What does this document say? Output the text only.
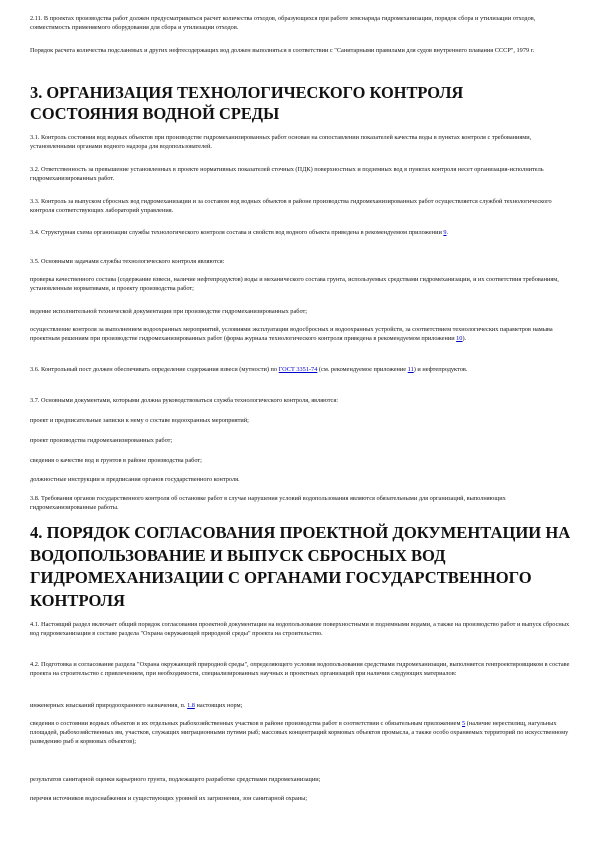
2.11. В проектах производства работ должен предусматриваться расчет количества отходов, образующихся при работе земснаряда гидромеханизации, порядок сбора и утилизации отходов, совместимость применяемого оборудования для сбора и утилизации отходов.

Порядок расчета количества подсланевых и других нефтесодержащих вод должен выполняться в соответствии с "Санитарными правилами для судов внутреннего плавания СССР", 1979 г.

3. ОРГАНИЗАЦИЯ ТЕХНОЛОГИЧЕСКОГО КОНТРОЛЯ СОСТОЯНИЯ ВОДНОЙ СРЕДЫ

3.1. Контроль состояния вод водных объектов при производстве гидромеханизированных работ основан на сопоставлении показателей качества воды в пунктах контроля с требованиями, установленными органами водного надзора для водопользователей.

3.2. Ответственность за превышение установленных в проекте нормативных показателей сточных (ПДК) поверхностных и подземных вод в пунктах контроля несет организация-исполнитель гидромеханизированных работ.

3.3. Контроль за выпуском сбросных вод гидромеханизации и за составом вод водных объектов в районе производства гидромеханизированных работ осуществляется службой технологического контроля соответствующих лабораторий управления.

3.4. Структурная схема организации службы технологического контроля состава и свойств вод водного объекта приведена в рекомендуемом приложении 9.

3.5. Основными задачами службы технологического контроля являются:

проверка качественного состава (содержание взвеси, наличие нефтепродуктов) воды и механического состава грунта, используемых средствами гидромеханизации, и их соответствия требованиям, установленным нормативами, и проекту производства работ;

ведение исполнительной технической документации при производстве гидромеханизированных работ;

осуществление контроля за выполнением водоохранных мероприятий, условиями эксплуатации водосбросных и водоохранных устройств, за соответствием технологических параметров намыва проектным решениям при производстве гидромеханизированных работ (форма журнала технологического контроля приведена в рекомендуемом приложении 10).

3.6. Контрольный пост должен обеспечивать определение содержания взвеси (мутности) по ГОСТ 3351-74 (см. рекомендуемое приложение 11) и нефтепродуктов.

3.7. Основными документами, которыми должна руководствоваться служба технологического контроля, являются:

проект и предписательные записки к нему о составе водоохранных мероприятий;

проект производства гидромеханизированных работ;

сведения о качестве вод и грунтов в районе производства работ;

должностные инструкции и предписания органов государственного контроля.

3.8. Требования органов государственного контроля об остановке работ в случае нарушения условий водопользования являются обязательными для организаций, выполняющих гидромеханизированные работы.

4. ПОРЯДОК СОГЛАСОВАНИЯ ПРОЕКТНОЙ ДОКУМЕНТАЦИИ НА ВОДОПОЛЬЗОВАНИЕ И ВЫПУСК СБРОСНЫХ ВОД ГИДРОМЕХАНИЗАЦИИ С ОРГАНАМИ ГОСУДАРСТВЕННОГО КОНТРОЛЯ

4.1. Настоящий раздел включает общий порядок согласования проектной документации на водопользование поверхностными и подземными водами, а также на производство работ и выпуск сбросных вод гидромеханизации в составе раздела "Охрана окружающей природной среды" проекта на строительство.

4.2. Подготовка и согласование раздела "Охрана окружающей природной среды", определяющего условия водопользования средствами гидромеханизации, выполняется генпроектировщиком в составе проекта на строительство с привлечением, при необходимости, специализированных научных и проектных организаций при наличии следующих материалов:

инженерных изысканий природоохранного назначения, п. 1.8 настоящих норм;

сведения о состоянии водных объектов и их отдельных рыбохозяйственных участков в районе производства работ в соответствии с обязательным приложением 5 (наличие нерестилищ, нагульных площадей, рыбохозяйственных ям, участков, служащих миграционными путями рыб; массовых концентраций кормовых объектов промысла, а также особо охраняемых территорий по искусственному разведению рыб и кормовых объектов);

результатов санитарной оценки карьерного грунта, подлежащего разработке средствами гидромеханизации;

перечня источников водоснабжения и существующих уровней их загрязнения, зон санитарной охраны;
